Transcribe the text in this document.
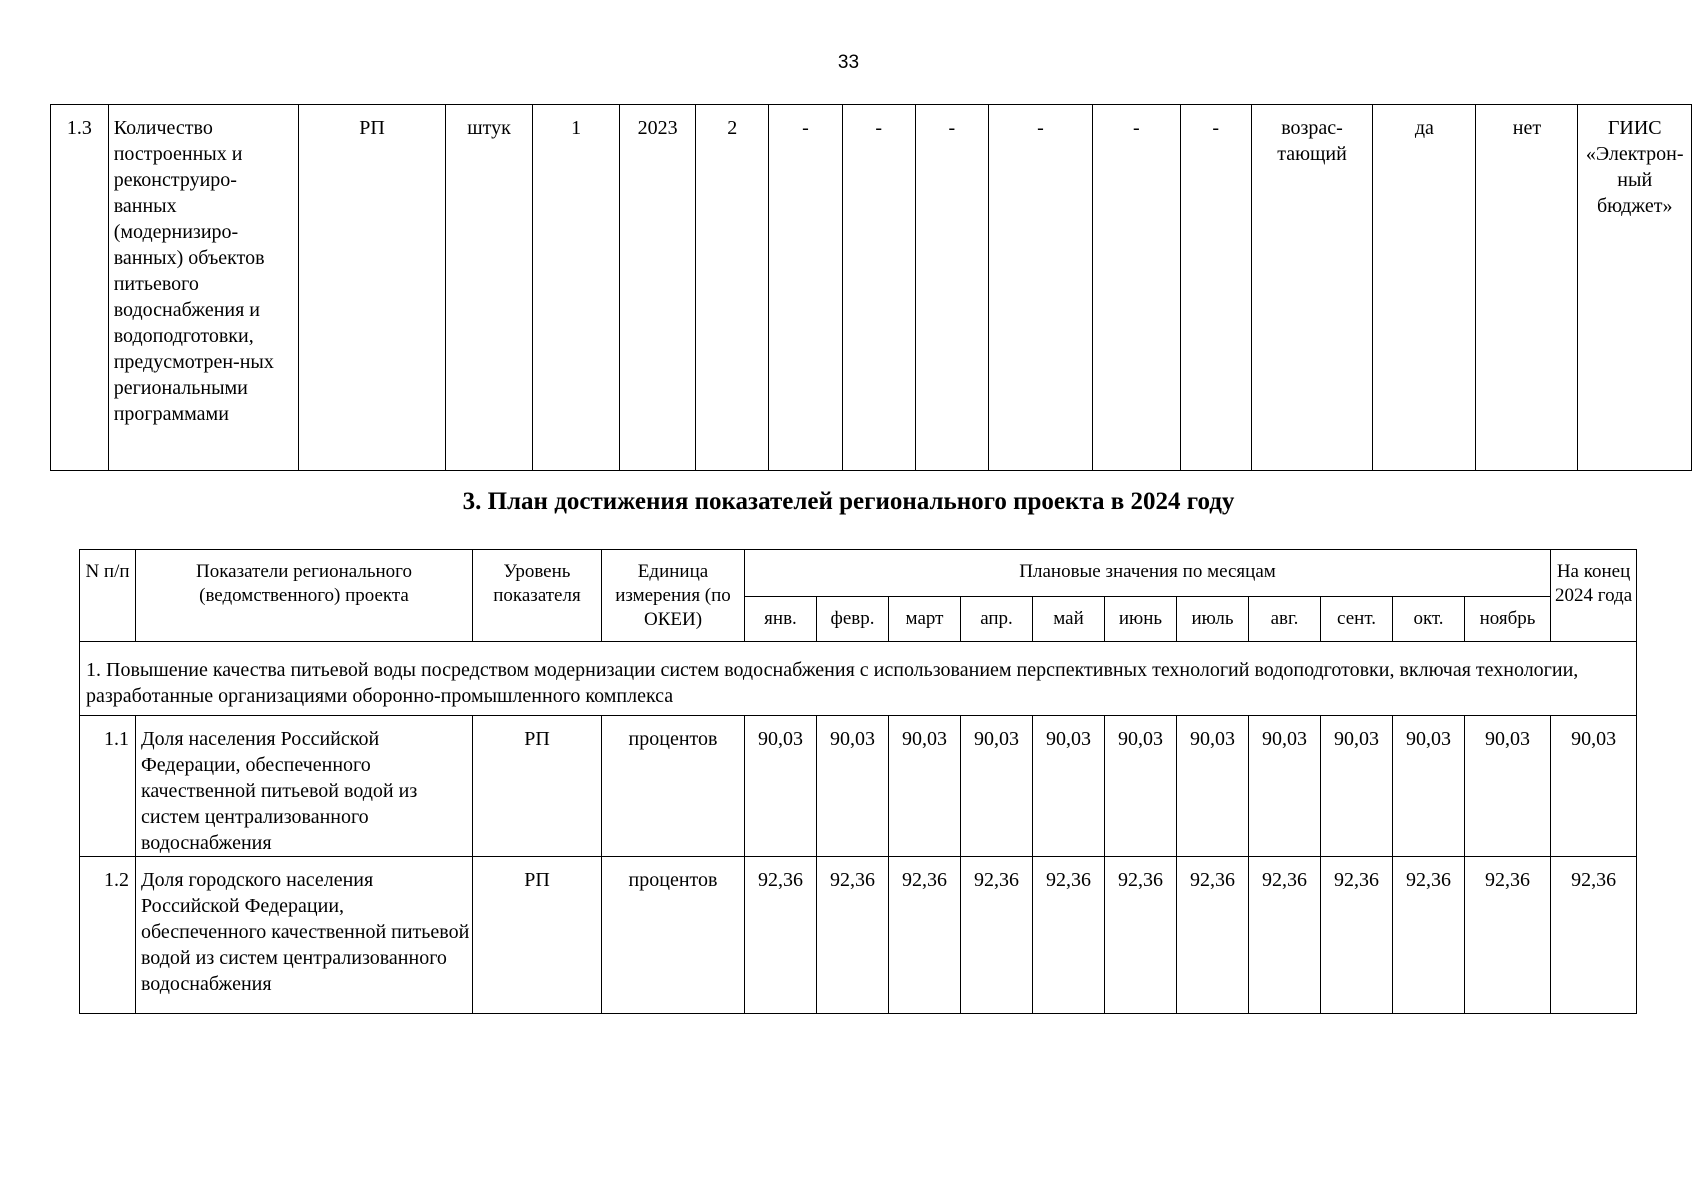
33
1.3	Количество построенных и реконструиро-ванных (модернизиро-ванных) объектов питьевого водоснабжения и водоподготовки, предусмотрен-ных региональными программами	РП	штук	1	2023	2	-	-	-	-	-	-	возрас-тающий	да	нет	ГИИС «Электрон-ный бюджет»
3. План достижения показателей регионального проекта в 2024 году
N п/п	Показатели регионального (ведомственного) проекта	Уровень показателя	Единица измерения (по ОКЕИ)	Плановые значения по месяцам											На конец 2024 года
				янв.	февр.	март	апр.	май	июнь	июль	авг.	сент.	окт.	ноябрь	
1. Повышение качества питьевой воды посредством модернизации систем водоснабжения с использованием перспективных технологий водоподготовки, включая технологии, разработанные организациями оборонно-промышленного комплекса															
1.1	Доля населения Российской Федерации, обеспеченного качественной питьевой водой из систем централизованного водоснабжения	РП	процентов	90,03	90,03	90,03	90,03	90,03	90,03	90,03	90,03	90,03	90,03	90,03	90,03
1.2	Доля городского населения Российской Федерации, обеспеченного качественной питьевой водой из систем централизованного водоснабжения	РП	процентов	92,36	92,36	92,36	92,36	92,36	92,36	92,36	92,36	92,36	92,36	92,36	92,36
